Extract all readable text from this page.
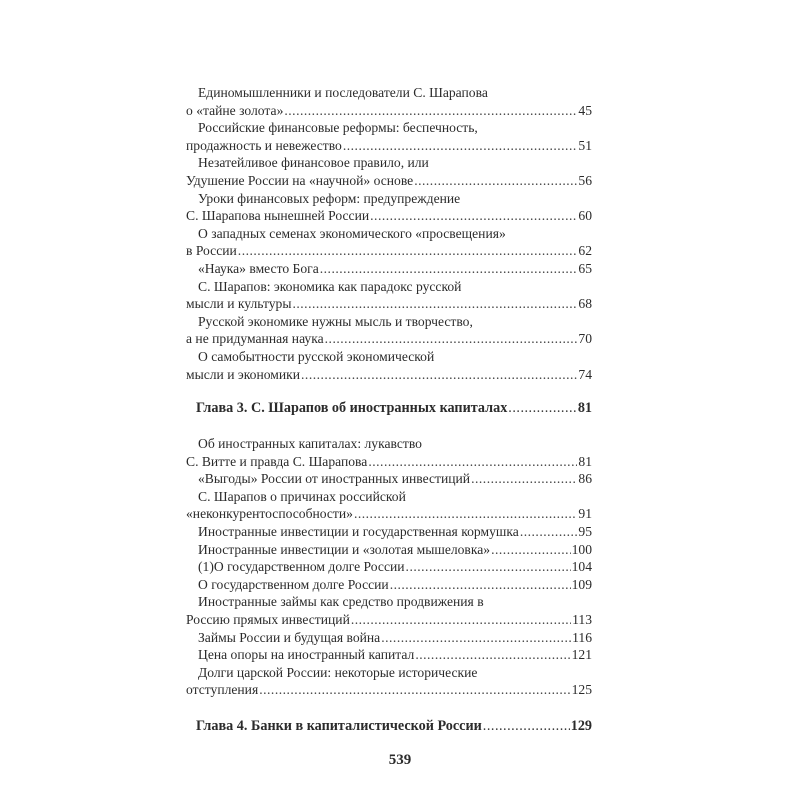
Единомышленники и последователи С. Шарапова
о «тайне золота» .....	45
Российские финансовые реформы: беспечность,
продажность и невежество .....	51
Незатейливое финансовое правило, или
Удушение России на «научной» основе .....	56
Уроки финансовых реформ: предупреждение
С. Шарапова нынешней России .....	60
О западных семенах экономического «просвещения»
в России .....	62
«Наука» вместо Бога .....	65
С. Шарапов: экономика как парадокс русской
мысли и культуры .....	68
Русской экономике нужны мысль и творчество,
а не придуманная наука .....	70
О самобытности русской экономической
мысли и экономики .....	74
Глава 3. С. Шарапов об иностранных капиталах .....	81
Об иностранных капиталах: лукавство
С. Витте и правда С. Шарапова .....	81
«Выгоды» России от иностранных инвестиций .....	86
С. Шарапов о причинах российской
«неконкурентоспособности» .....	91
Иностранные инвестиции и государственная кормушка .....	95
Иностранные инвестиции и «золотая мышеловка» .....	100
(1)О государственном долге России .....	104
О государственном долге России .....	109
Иностранные займы как средство продвижения в
Россию прямых инвестиций .....	113
Займы России и будущая война .....	116
Цена опоры на иностранный капитал .....	121
Долги царской России: некоторые исторические
отступления .....	125
Глава 4. Банки в капиталистической России .....	129
539
